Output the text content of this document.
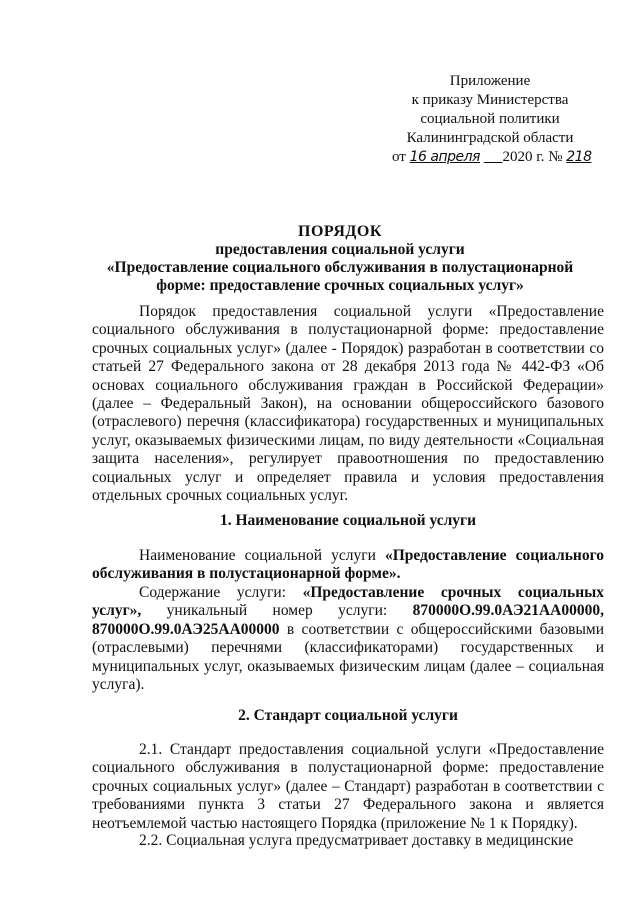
Приложение
к приказу Министерства
социальной политики
Калининградской области
от 16 апреля 2020 г. № 218
ПОРЯДОК
предоставления социальной услуги
«Предоставление социального обслуживания в полустационарной
форме: предоставление срочных социальных услуг»
Порядок предоставления социальной услуги «Предоставление социального обслуживания в полустационарной форме: предоставление срочных социальных услуг» (далее - Порядок) разработан в соответствии со статьей 27 Федерального закона от 28 декабря 2013 года № 442-ФЗ «Об основах социального обслуживания граждан в Российской Федерации» (далее – Федеральный Закон), на основании общероссийского базового (отраслевого) перечня (классификатора) государственных и муниципальных услуг, оказываемых физическими лицам, по виду деятельности «Социальная защита населения», регулирует правоотношения по предоставлению социальных услуг и определяет правила и условия предоставления отдельных срочных социальных услуг.
1. Наименование социальной услуги
Наименование социальной услуги «Предоставление социального обслуживания в полустационарной форме».
Содержание услуги: «Предоставление срочных социальных услуг», уникальный номер услуги: 870000О.99.0АЭ21АА00000, 870000О.99.0АЭ25АА00000 в соответствии с общероссийскими базовыми (отраслевыми) перечнями (классификаторами) государственных и муниципальных услуг, оказываемых физическим лицам (далее – социальная услуга).
2. Стандарт социальной услуги
2.1. Стандарт предоставления социальной услуги «Предоставление социального обслуживания в полустационарной форме: предоставление срочных социальных услуг» (далее – Стандарт) разработан в соответствии с требованиями пункта 3 статьи 27 Федерального закона и является неотъемлемой частью настоящего Порядка (приложение № 1 к Порядку).
2.2. Социальная услуга предусматривает доставку в медицинские
